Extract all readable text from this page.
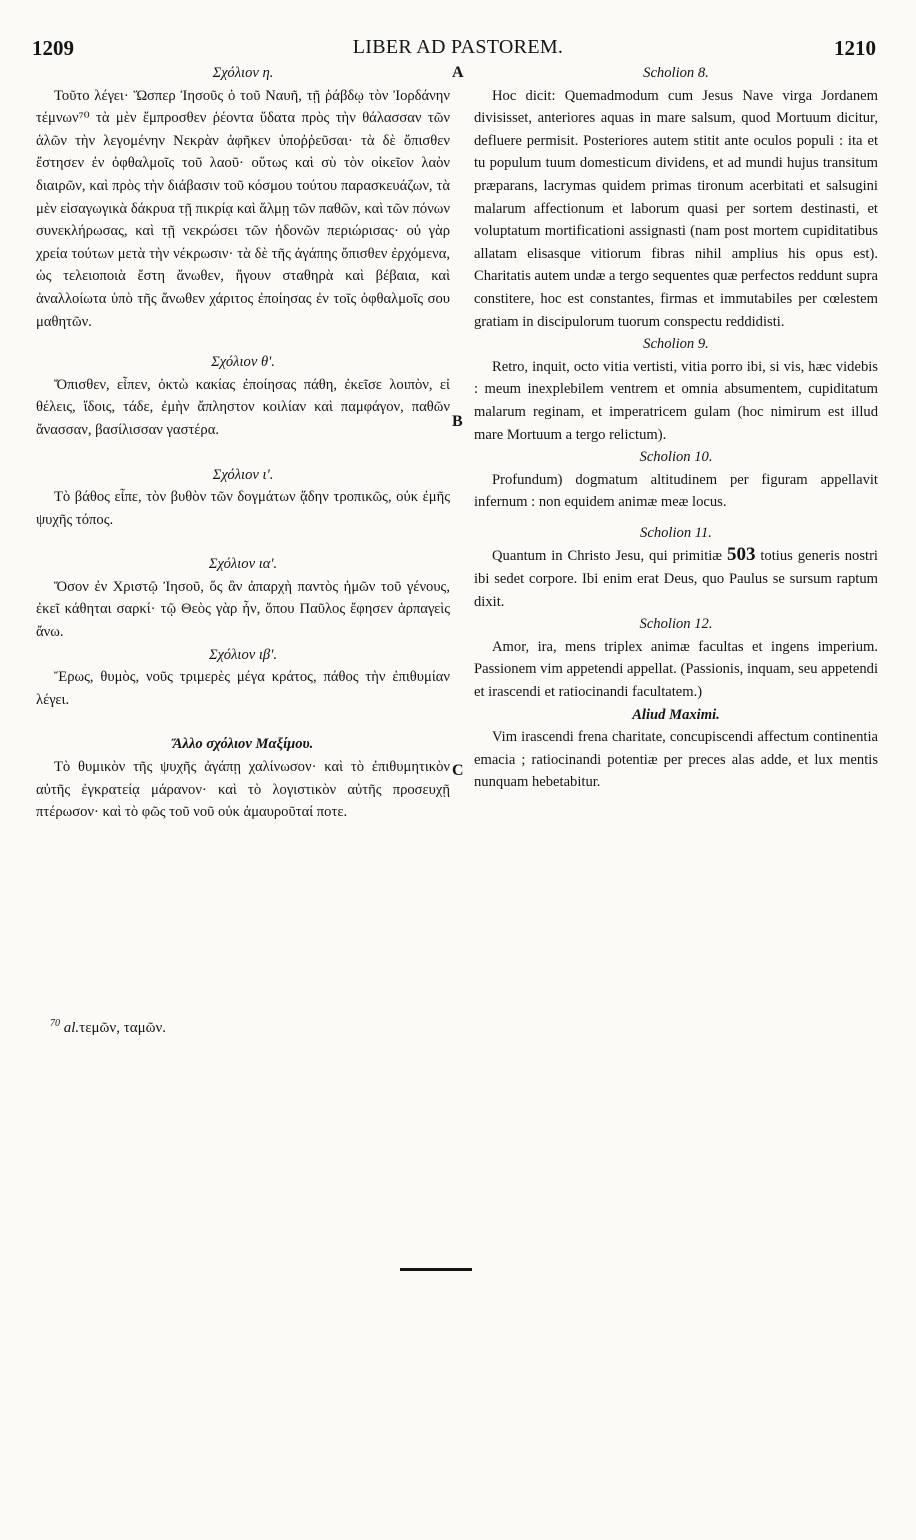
1209	LIBER AD PASTOREM.	1210
A
B
C

Σχόλιον η.

Τοῦτο λέγει· Ὥσπερ Ἰησοῦς ὁ τοῦ Ναυῆ, τῇ ῥάβδῳ τὸν Ἰορδάνην τέμνων⁷⁰ τὰ μὲν ἔμπροσθεν ῥέοντα ὕδατα πρὸς τὴν θάλασσαν τῶν ἁλῶν τὴν λεγομένην Νεκρὰν ἀφῆκεν ὑποῤῥεῦσαι· τὰ δὲ ὄπισθεν ἔστησεν ἐν ὀφθαλμοῖς τοῦ λαοῦ· οὕτως καὶ σὺ τὸν οἰκεῖον λαὸν διαιρῶν, καὶ πρὸς τὴν διάβασιν τοῦ κόσμου τούτου παρασκευάζων, τὰ μὲν εἰσαγωγικὰ δάκρυα τῇ πικρίᾳ καὶ ἅλμῃ τῶν παθῶν, καὶ τῶν πόνων συνεκλήρωσας, καὶ τῇ νεκρώσει τῶν ἡδονῶν περιώρισας· οὐ γὰρ χρεία τούτων μετὰ τὴν νέκρωσιν· τὰ δὲ τῆς ἀγάπης ὄπισθεν ἐρχόμενα, ὡς τελειοποιὰ ἔστη ἄνωθεν, ἤγουν σταθηρὰ καὶ βέβαια, καὶ ἀναλλοίωτα ὑπὸ τῆς ἄνωθεν χάριτος ἐποίησας ἐν τοῖς ὀφθαλμοῖς σου μαθητῶν.

Σχόλιον θ'.

Ὄπισθεν, εἶπεν, ὀκτὼ κακίας ἐποίησας πάθη, ἐκεῖσε λοιπὸν, εἰ θέλεις, ἴδοις, τάδε, ἐμὴν ἄπληστον κοιλίαν καὶ παμφάγον, παθῶν ἄνασσαν, βασίλισσαν γαστέρα.

Σχόλιον ι'.

Τὸ βάθος εἶπε, τὸν βυθὸν τῶν δογμάτων ᾅδην τροπικῶς, οὐκ ἐμῆς ψυχῆς τόπος.

Σχόλιον ια'.

Ὅσον ἐν Χριστῷ Ἰησοῦ, ὅς ἂν ἀπαρχὴ παντὸς ἡμῶν τοῦ γένους, ἐκεῖ κάθηται σαρκί· τῷ Θεὸς γὰρ ἦν, ὅπου Παῦλος ἔφησεν ἁρπαγεὶς ἄνω.

Σχόλιον ιβ'.

Ἔρως, θυμὸς, νοῦς τριμερὲς μέγα κράτος, πάθος τὴν ἐπιθυμίαν λέγει.

Ἄλλο σχόλιον Μαξίμου.

Τὸ θυμικὸν τῆς ψυχῆς ἀγάπῃ χαλίνωσον· καὶ τὸ ἐπιθυμητικὸν αὐτῆς ἐγκρατείᾳ μάρανον· καὶ τὸ λογιστικὸν αὐτῆς προσευχῇ πτέρωσον· καὶ τὸ φῶς τοῦ νοῦ οὐκ ἀμαυροῦταί ποτε.

Scholion 8.

Hoc dicit: Quemadmodum cum Jesus Nave virga Jordanem divisisset, anteriores aquas in mare salsum, quod Mortuum dicitur, defluere permisit. Posteriores autem stitit ante oculos populi : ita et tu populum tuum domesticum dividens, et ad mundi hujus transitum præparans, lacrymas quidem primas tironum acerbitati et salsugini malarum affectionum et laborum quasi per sortem destinasti, et voluptatum mortificationi assignasti (nam post mortem cupiditatibus allatam elisasque vitiorum fibras nihil amplius his opus est). Charitatis autem undæ a tergo sequentes quæ perfectos reddunt supra constitere, hoc est constantes, firmas et immutabiles per cœlestem gratiam in discipulorum tuorum conspectu reddidisti.

Scholion 9.

Retro, inquit, octo vitia vertisti, vitia porro ibi, si vis, hæc videbis : meum inexplebilem ventrem et omnia absumentem, cupiditatum malarum reginam, et imperatricem gulam (hoc nimirum est illud mare Mortuum a tergo relictum).

Scholion 10.

Profundum) dogmatum altitudinem per figuram appellavit infernum : non equidem animæ meæ locus.

Scholion 11.

Quantum in Christo Jesu, qui primitiæ 503 totius generis nostri ibi sedet corpore. Ibi enim erat Deus, quo Paulus se sursum raptum dixit.

Scholion 12.

Amor, ira, mens triplex animæ facultas et ingens imperium. Passionem vim appetendi appellat. (Passionis, inquam, seu appetendi et irascendi et ratiocinandi facultatem.)

Aliud Maximi.

Vim irascendi frena charitate, concupiscendi affectum continentia emacia ; ratiocinandi potentiæ per preces alas adde, et lux mentis nunquam hebetabitur.
$^{70}$ al.τεμῶν, ταμῶν.
